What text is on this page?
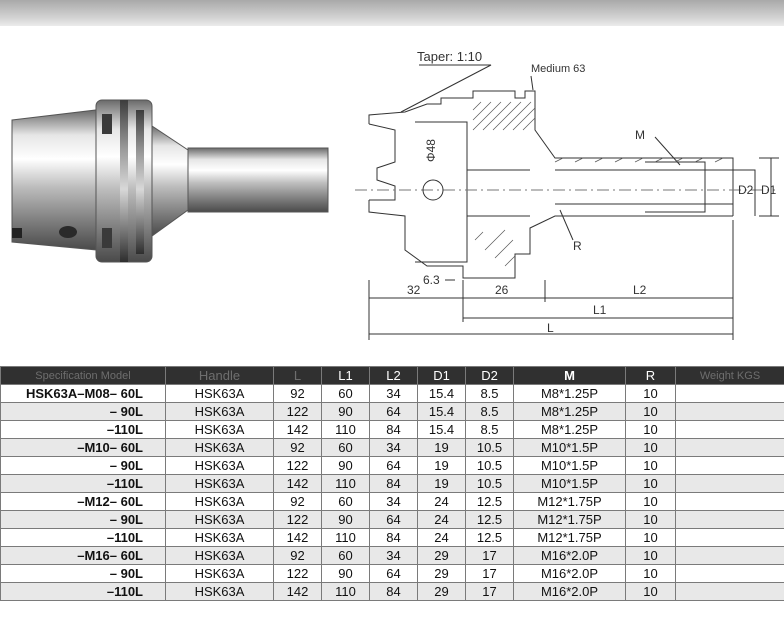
Taper: 1:10
Medium 63
M
Φ48
R
D2 D1
6.3
32	26	L2
L1
L
Specification Model	Handle	L	L1	L2	D1	D2	M	R	Weight KGS
HSK63A–M08– 60L	HSK63A	92	60	34	15.4	8.5	M8*1.25P	10	
– 90L	HSK63A	122	90	64	15.4	8.5	M8*1.25P	10	
–110L	HSK63A	142	110	84	15.4	8.5	M8*1.25P	10	
–M10– 60L	HSK63A	92	60	34	19	10.5	M10*1.5P	10	
– 90L	HSK63A	122	90	64	19	10.5	M10*1.5P	10	
–110L	HSK63A	142	110	84	19	10.5	M10*1.5P	10	
–M12– 60L	HSK63A	92	60	34	24	12.5	M12*1.75P	10	
– 90L	HSK63A	122	90	64	24	12.5	M12*1.75P	10	
–110L	HSK63A	142	110	84	24	12.5	M12*1.75P	10	
–M16– 60L	HSK63A	92	60	34	29	17	M16*2.0P	10	
– 90L	HSK63A	122	90	64	29	17	M16*2.0P	10	
–110L	HSK63A	142	110	84	29	17	M16*2.0P	10	
